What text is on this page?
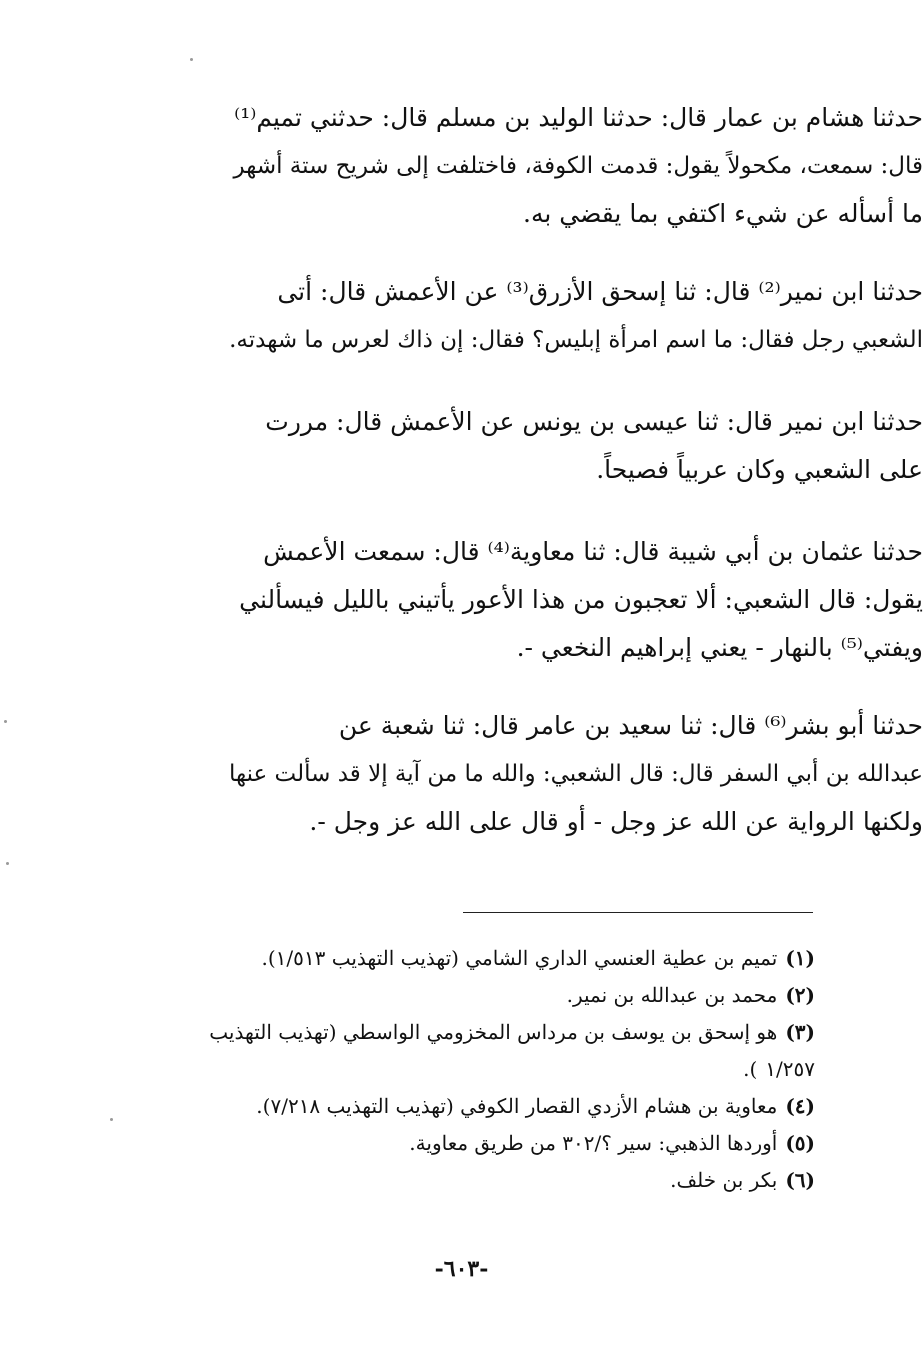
حدثنا هشام بن عمار قال: حدثنا الوليد بن مسلم قال: حدثني تميم⁽¹⁾
قال: سمعت، مكحولاً يقول: قدمت الكوفة، فاختلفت إلى شريح ستة أشهر
ما أسأله عن شيء اكتفي بما يقضي به.
حدثنا ابن نمير⁽²⁾ قال: ثنا إسحق الأزرق⁽³⁾ عن الأعمش قال: أتى
الشعبي رجل فقال: ما اسم امرأة إبليس؟ فقال: إن ذاك لعرس ما شهدته.
حدثنا ابن نمير قال: ثنا عيسى بن يونس عن الأعمش قال: مررت
على الشعبي وكان عربياً فصيحاً.
حدثنا عثمان بن أبي شيبة قال: ثنا معاوية⁽⁴⁾ قال: سمعت الأعمش
يقول: قال الشعبي: ألا تعجبون من هذا الأعور يأتيني بالليل فيسألني
ويفتي⁽⁵⁾ بالنهار - يعني إبراهيم النخعي -.
حدثنا أبو بشر⁽⁶⁾ قال: ثنا سعيد بن عامر قال: ثنا شعبة عن
عبدالله بن أبي السفر قال: قال الشعبي: والله ما من آية إلا قد سألت عنها
ولكنها الرواية عن الله عز وجل - أو قال على الله عز وجل -.
(١)تميم بن عطية العنسي الداري الشامي (تهذيب التهذيب ١/٥١٣).
(٢)محمد بن عبدالله بن نمير.
(٣)هو إسحق بن يوسف بن مرداس المخزومي الواسطي (تهذيب التهذيب
١/٢٥٧).
(٤)معاوية بن هشام الأزدي القصار الكوفي (تهذيب التهذيب ٧/٢١٨).
(٥)أوردها الذهبي: سير ؟/٣٠٢ من طريق معاوية.
(٦)بكر بن خلف.
-٦٠٣-
